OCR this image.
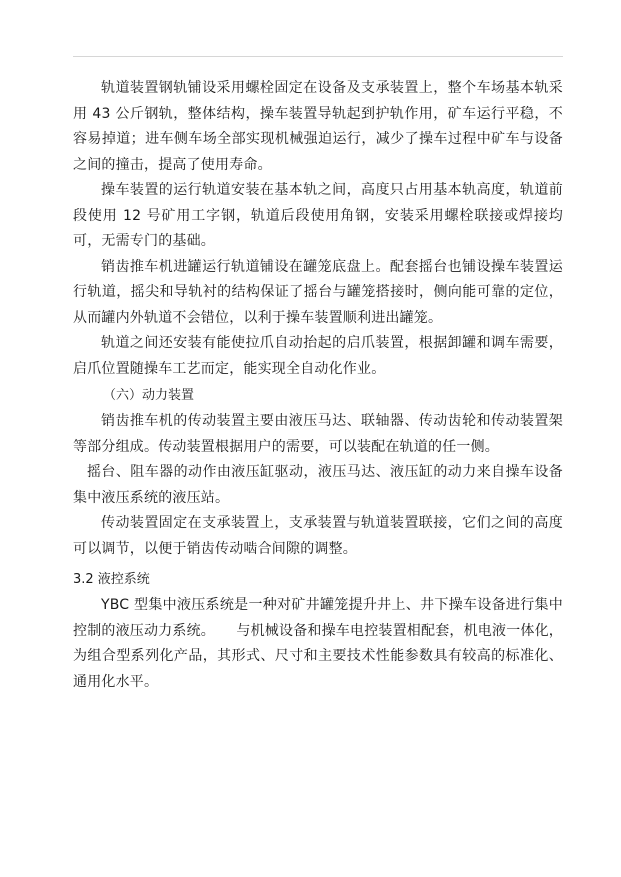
轨道装置钢轨铺设采用螺栓固定在设备及支承装置上，整个车场基本轨采用 43 公斤钢轨，整体结构，操车装置导轨起到护轨作用，矿车运行平稳，不容易掉道；进车侧车场全部实现机械强迫运行，减少了操车过程中矿车与设备之间的撞击，提高了使用寿命。

操车装置的运行轨道安装在基本轨之间，高度只占用基本轨高度，轨道前段使用 12 号矿用工字钢，轨道后段使用角钢，安装采用螺栓联接或焊接均可，无需专门的基础。

销齿推车机进罐运行轨道铺设在罐笼底盘上。配套摇台也铺设操车装置运行轨道，摇尖和导轨衬的结构保证了摇台与罐笼搭接时，侧向能可靠的定位，从而罐内外轨道不会错位，以利于操车装置顺利进出罐笼。

轨道之间还安装有能使拉爪自动抬起的启爪装置，根据卸罐和调车需要，启爪位置随操车工艺而定，能实现全自动化作业。

（六）动力装置

销齿推车机的传动装置主要由液压马达、联轴器、传动齿轮和传动装置架等部分组成。传动装置根据用户的需要，可以装配在轨道的任一侧。

摇台、阻车器的动作由液压缸驱动，液压马达、液压缸的动力来自操车设备集中液压系统的液压站。

传动装置固定在支承装置上，支承装置与轨道装置联接，它们之间的高度可以调节，以便于销齿传动啮合间隙的调整。

3.2 液控系统

YBC 型集中液压系统是一种对矿井罐笼提升井上、井下操车设备进行集中控制的液压动力系统。　　与机械设备和操车电控装置相配套，机电液一体化，为组合型系列化产品，其形式、尺寸和主要技术性能参数具有较高的标准化、通用化水平。
